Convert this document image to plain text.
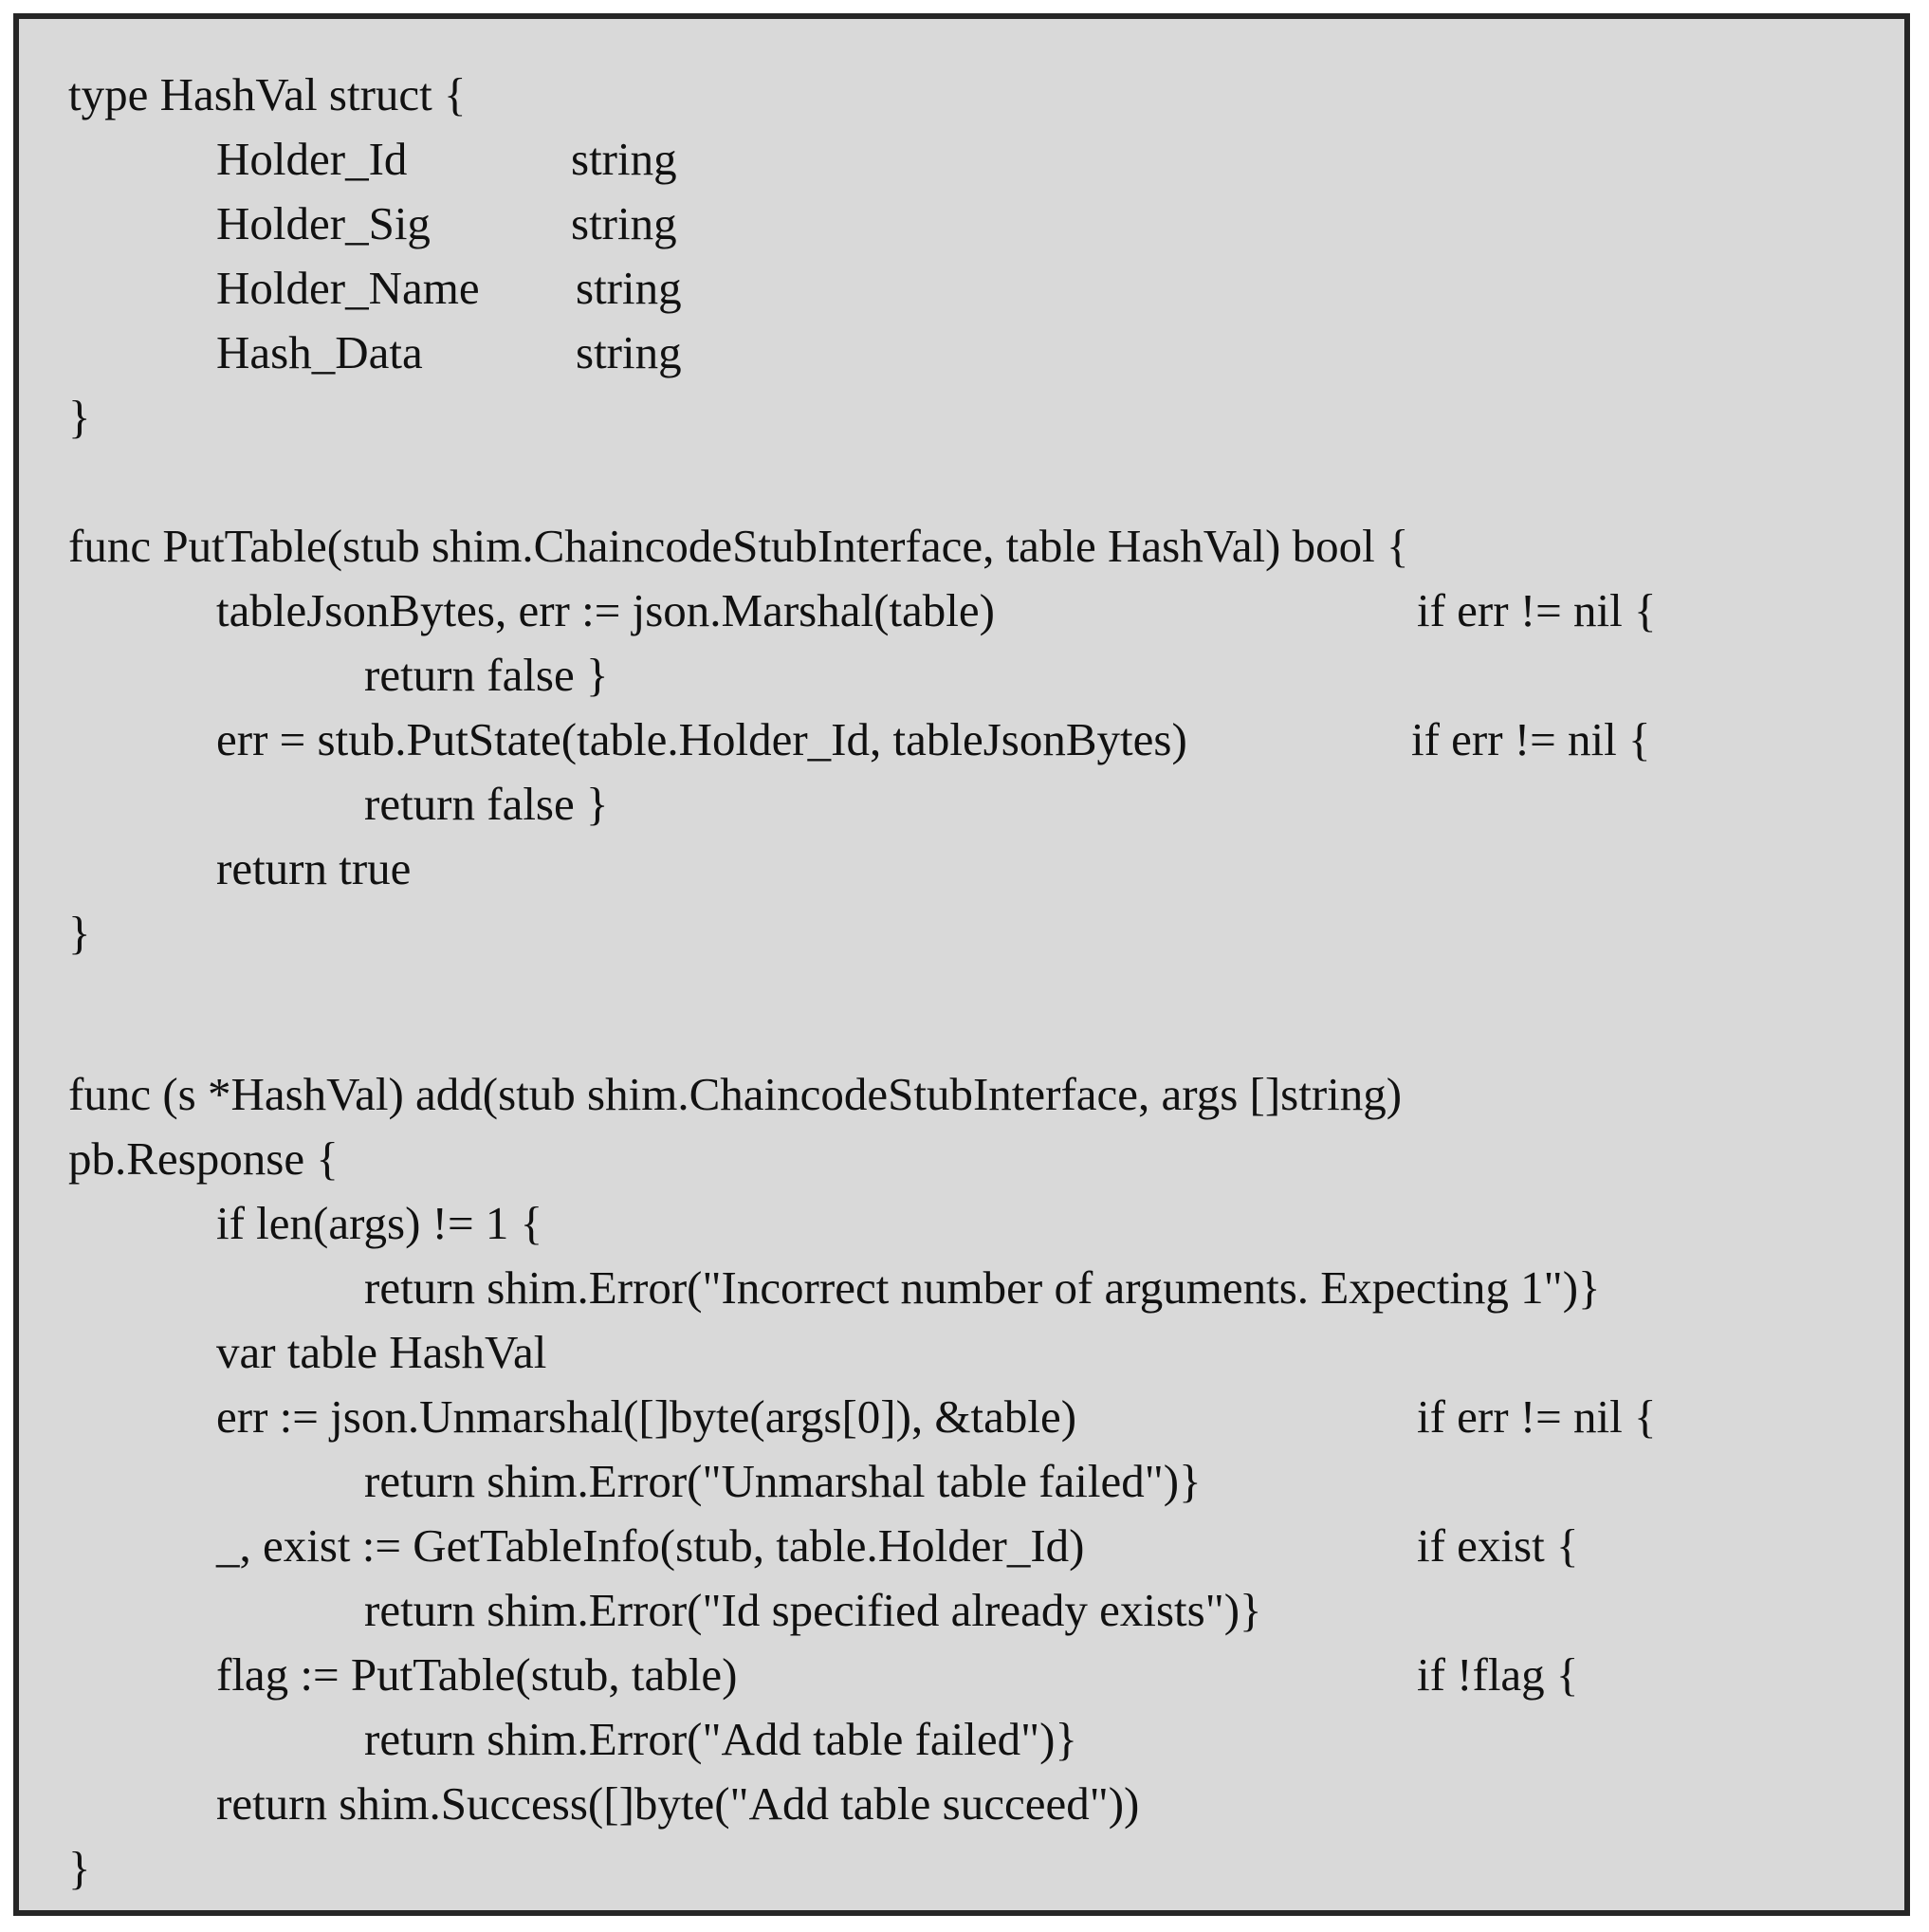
type HashVal struct {
Holder_Id	string
Holder_Sig	string
Holder_Name string
Hash_Data	string
}
func PutTable(stub shim.ChaincodeStubInterface, table HashVal) bool {
tableJsonBytes, err := json.Marshal(table)	if err != nil {
return false }
err = stub.PutState(table.Holder_Id, tableJsonBytes)	if err != nil {
return false }
return true
}
func (s *HashVal) add(stub shim.ChaincodeStubInterface, args []string)
pb.Response {
if len(args) != 1 {
return shim.Error("Incorrect number of arguments. Expecting 1")}
var table HashVal
err := json.Unmarshal([]byte(args[0]), &table)	if err != nil {
return shim.Error("Unmarshal table failed")}
_, exist := GetTableInfo(stub, table.Holder_Id)	if exist {
return shim.Error("Id specified already exists")}
flag := PutTable(stub, table)	if !flag {
return shim.Error("Add table failed")}
return shim.Success([]byte("Add table succeed"))
}
